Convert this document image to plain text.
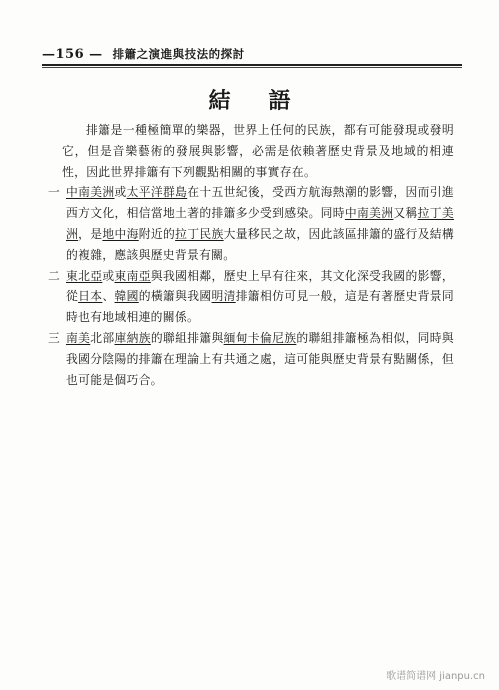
—156 — 排簫之演進與技法的探討
結語

排簫是一種極簡單的樂器，世界上任何的民族，都有可能發現或發明它，但是音樂藝術的發展與影響，必需是依賴著歷史背景及地域的相連性，因此世界排簫有下列觀點相關的事實存在。

一 中南美洲或太平洋群島在十五世紀後，受西方航海熱潮的影響，因而引進西方文化，相信當地土著的排簫多少受到感染。同時中南美洲又稱拉丁美洲，是地中海附近的拉丁民族大量移民之故，因此該區排簫的盛行及結構的複雜，應該與歷史背景有關。

二 東北亞或東南亞與我國相鄰，歷史上早有往來，其文化深受我國的影響，從日本、韓國的橫簫與我國明清排簫相仿可見一般，這是有著歷史背景同時也有地域相連的關係。

三 南美北部庫納族的聯組排簫與緬甸卡倫尼族的聯組排簫極為相似，同時與我國分陰陽的排簫在理論上有共通之處，這可能與歷史背景有點關係，但也可能是個巧合。

歌谱简谱网 jianpu.cn
